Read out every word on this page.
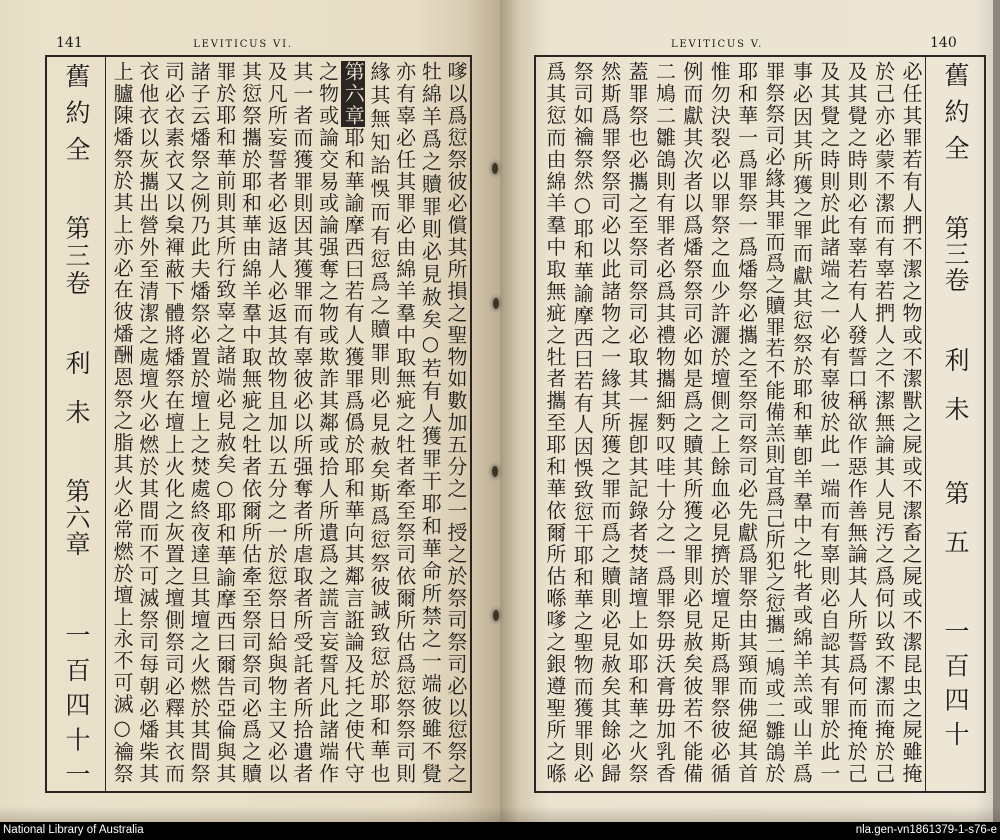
141	LEVITICUS VI.
舊約全
第三卷
利未
第六章
一百四十一	嗲以爲愆祭彼必償其所損之聖物如數加五分之一授之於祭司祭司必以愆祭之
牡綿羊爲之贖罪則必見赦矣○若有人獲罪干耶和華命所禁之一端彼雖不覺
亦有辜必任其罪必由綿羊羣中取無疵之牡者牽至祭司依爾所估爲愆祭祭司則
緣其無知詒悞而有愆爲之贖罪則必見赦矣斯爲愆祭彼誠致愆於耶和華也
第六章耶和華諭摩西曰若有人獲罪爲僞於耶和華向其鄰言誑論及托之使代守
之物或論交易或論强奪之物或欺詐其鄰或拾人所遺爲之謊言妄誓凡此諸端作
其一者而獲罪則因其獲罪而有辜彼必以所强奪者所虐取者所受託者所拾遺者
及凡所妄誓者必返諸人必返其故物且加以五分之一於愆祭日給與物主又必以
其愆祭攜於耶和華由綿羊羣中取無疵之牡者依爾所估牽至祭司祭司必爲之贖
罪於耶和華前則其所行致辜之諸端必見赦矣○耶和華諭摩西曰爾告亞倫與其
諸子云燔祭之例乃此夫燔祭必置於壇上之焚處終夜達旦其壇之火燃於其間祭
司必衣素衣又以枲褌蔽下體將燔祭在壇上火化之灰置之壇側祭司必釋其衣而
衣他衣以灰攜出營外至清潔之處壇火必燃於其間而不可滅祭司每朝必燔柴其
上臚陳燔祭於其上亦必在彼燔酬恩祭之脂其火必常燃於壇上永不可滅○禴祭
LEVITICUS V.	140
必任其罪若有人捫不潔之物或不潔獸之屍或不潔畜之屍或不潔昆虫之屍雖掩
於己亦必蒙不潔而有辜若捫人之不潔無論其人見汚之爲何以致不潔而掩於己
及其覺之時則必有辜若有人發誓口稱欲作惡作善無論其人所誓爲何而掩於己
及其覺之時則於此諸端之一必有辜彼於此一端而有辜則必自認其有罪於此一
事必因其所獲之罪而獻其愆祭於耶和華卽羊羣中之牝者或綿羊羔或山羊爲
罪祭祭司必緣其罪而爲之贖罪若不能備羔則宜爲己所犯之愆攜二鳩或二雛鴿於
耶和華一爲罪祭一爲燔祭必攜之至祭司祭司必先獻爲罪祭由其頸而佛絕其首
惟勿決裂必以罪祭之血少許灑於壇側之上餘血必見擠於壇足斯爲罪祭彼必循
例而獻其次者以爲燔祭祭司必如是爲之贖其所獲之罪則必見赦矣彼若不能備
二鳩二雛鴿則有罪者必爲其禮物攜細麪叹哇十分之一爲罪祭毋沃膏毋加乳香
蓋罪祭也必攜之至祭司祭司必取其一握卽其記錄者焚諸壇上如耶和華之火祭
然斯爲罪祭祭司必以此諸物之一緣其所獲之罪而爲之贖則必見赦矣其餘必歸
祭司如禴祭然○耶和華諭摩西曰若有人因悞致愆干耶和華之聖物而獲罪則必
爲其愆而由綿羊羣中取無疵之牡者攜至耶和華依爾所估喺嗲之銀遵聖所之喺	舊約全
第三卷
利未
第五
一百四十
National Library of Australia	nla.gen-vn1861379-1-s76-e
